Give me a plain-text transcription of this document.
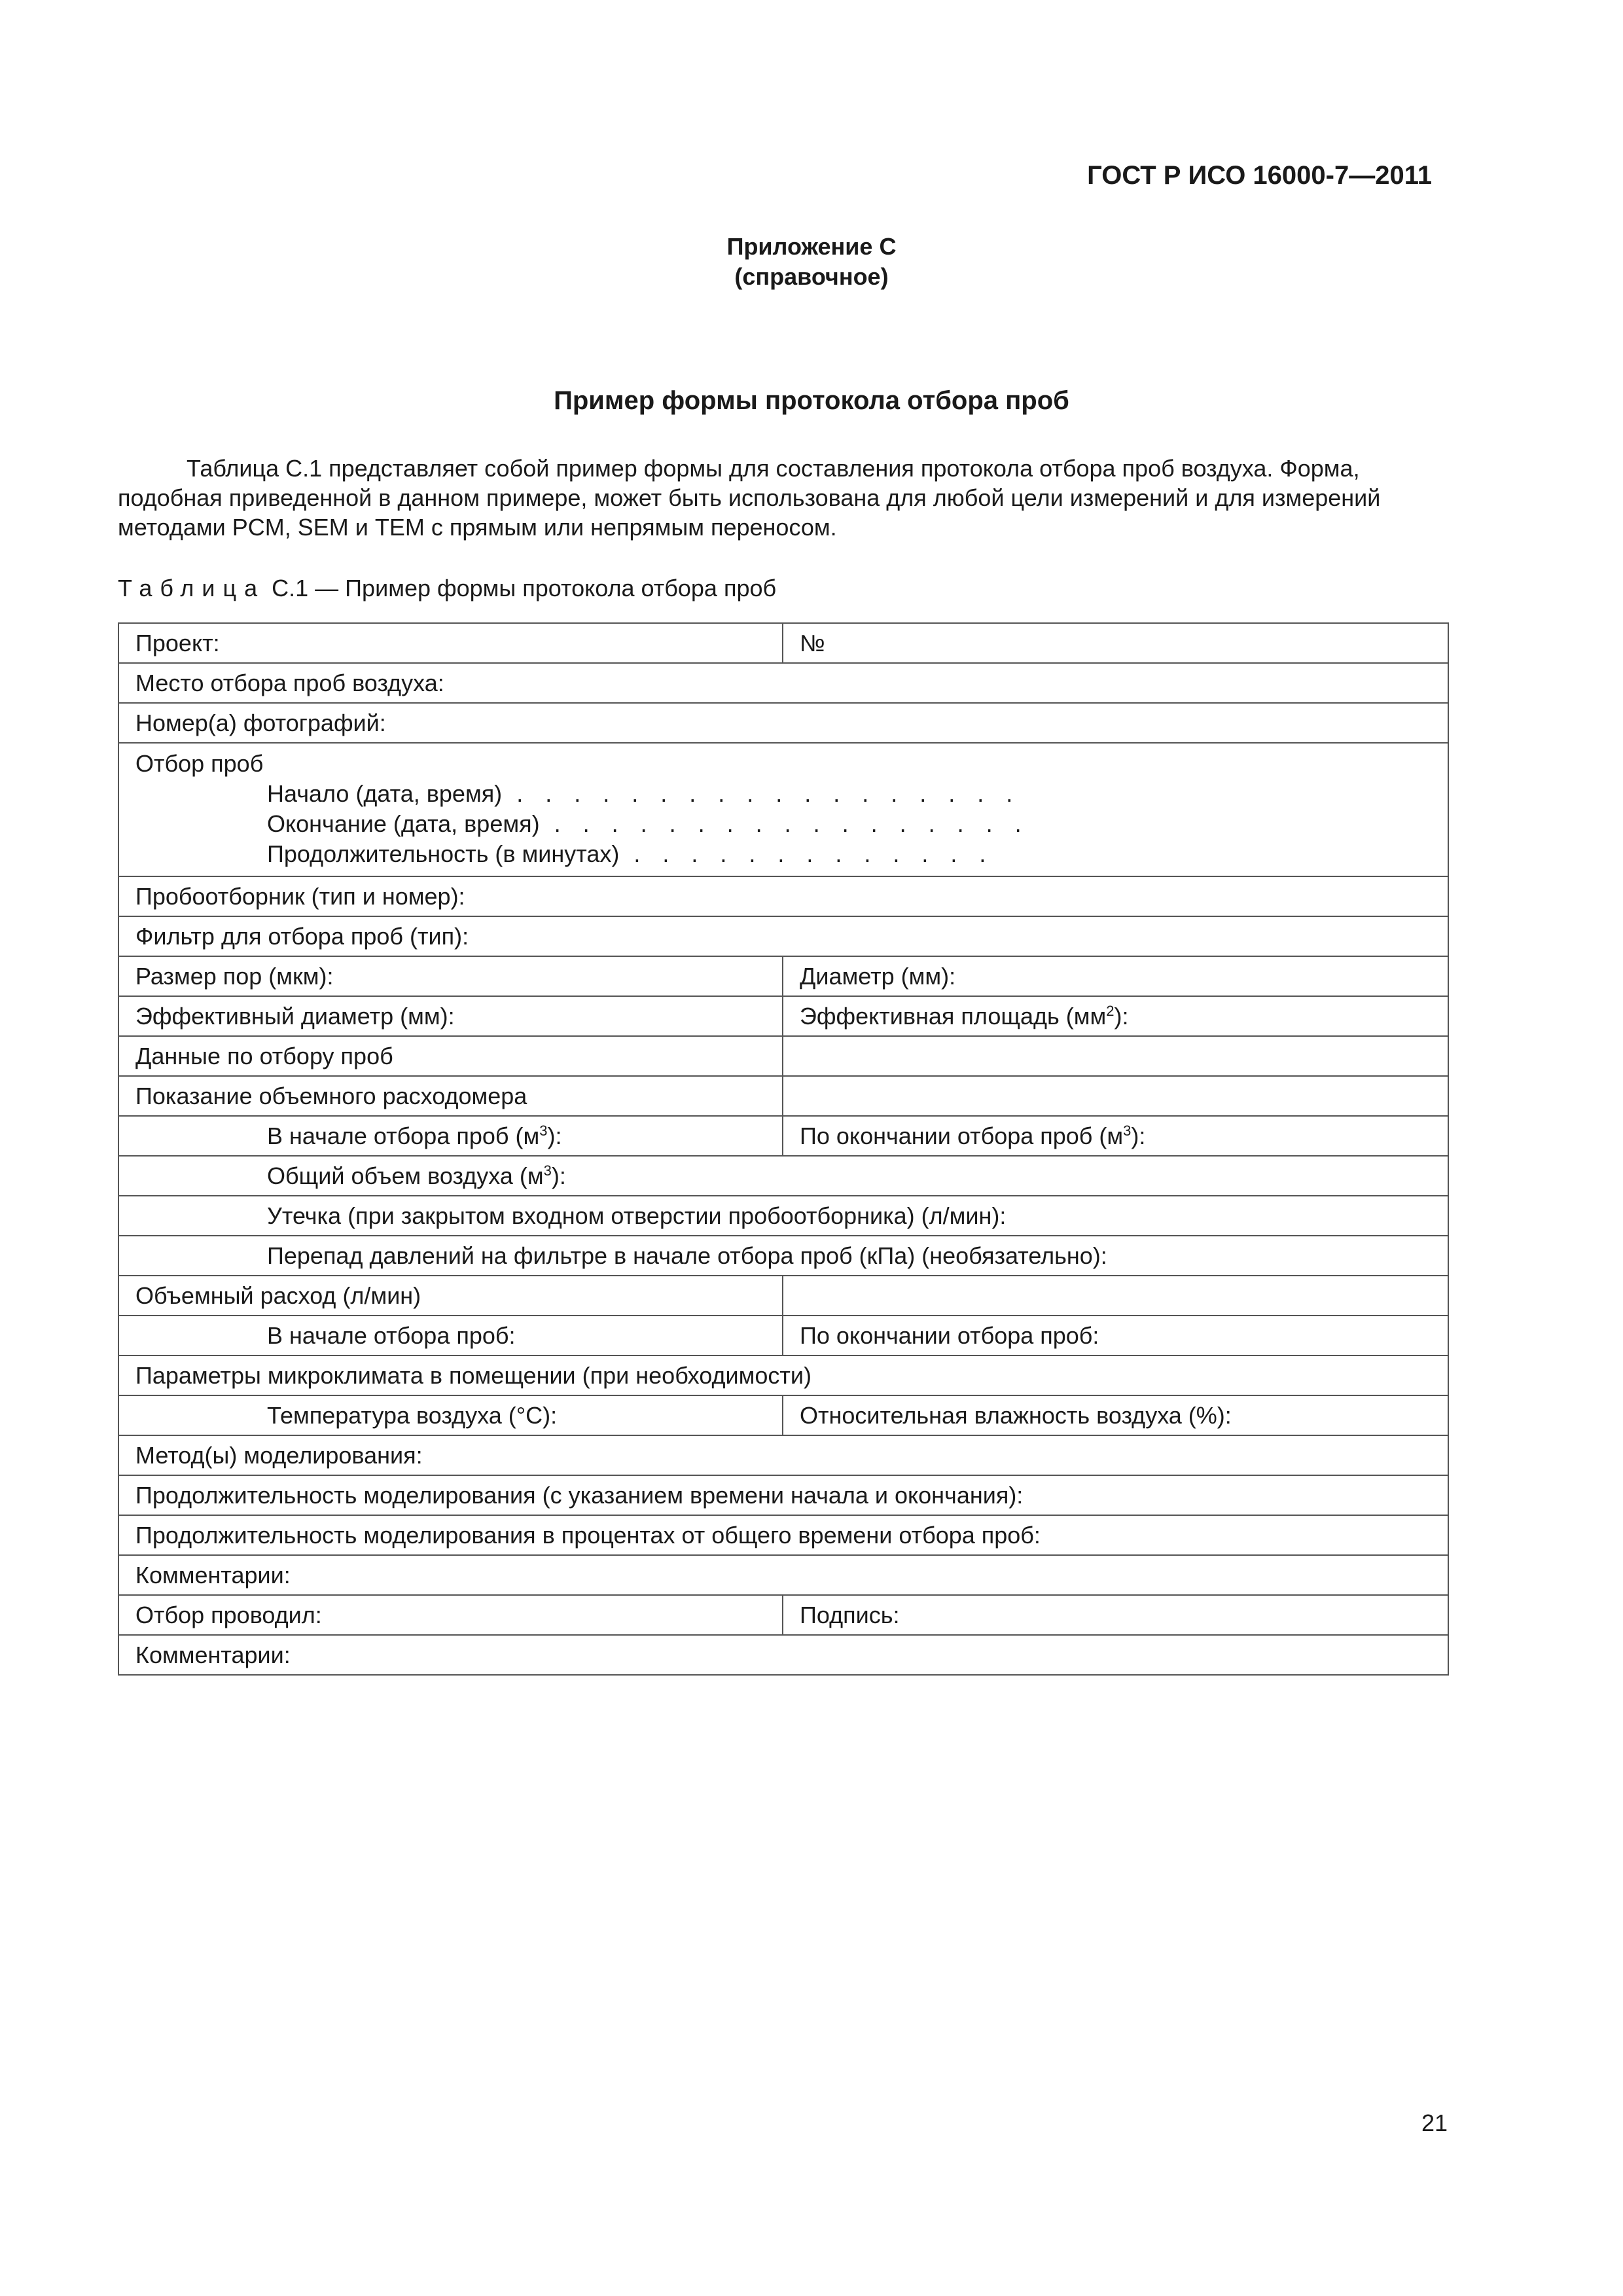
ГОСТ Р ИСО 16000-7—2011
Приложение С
(справочное)
Пример формы протокола отбора проб
Таблица С.1 представляет собой пример формы для составления протокола отбора проб воздуха. Форма,
подобная приведенной в данном примере, может быть использована для любой цели измерений и для измерений
методами PCM, SEM и TEM с прямым или непрямым переносом.
Таблица С.1 — Пример формы протокола отбора проб
Проект:	№
Место отбора проб воздуха:	
Номер(а) фотографий:	

Отбор проб
Начало (дата, время) . . . . . . . . . . . . . . . . . .
Окончание (дата, время) . . . . . . . . . . . . . . . . .
Продолжительность (в минутах) . . . . . . . . . . . . .	

Пробоотборник (тип и номер):	
Фильтр для отбора проб (тип):	
Размер пор (мкм):	Диаметр (мм):
Эффективный диаметр (мм):	Эффективная площадь $(мм^2)$:
Данные по отбору проб	
Показание объемного расходомера	
В начале отбора проб $(м^3)$:	По окончании отбора проб $(м^3)$:
Общий объем воздуха $(м^3)$:	
Утечка (при закрытом входном отверстии пробоотборника) (л/мин):	
Перепад давлений на фильтре в начале отбора проб (кПа) (необязательно):	
Объемный расход (л/мин)	
В начале отбора проб:	По окончании отбора проб:
Параметры микроклимата в помещении (при необходимости)	
Температура воздуха (°С):	Относительная влажность воздуха (%):
Метод(ы) моделирования:	
Продолжительность моделирования (с указанием времени начала и окончания):	
Продолжительность моделирования в процентах от общего времени отбора проб:	
Комментарии:	
Отбор проводил:	Подпись:
Комментарии:	
21
